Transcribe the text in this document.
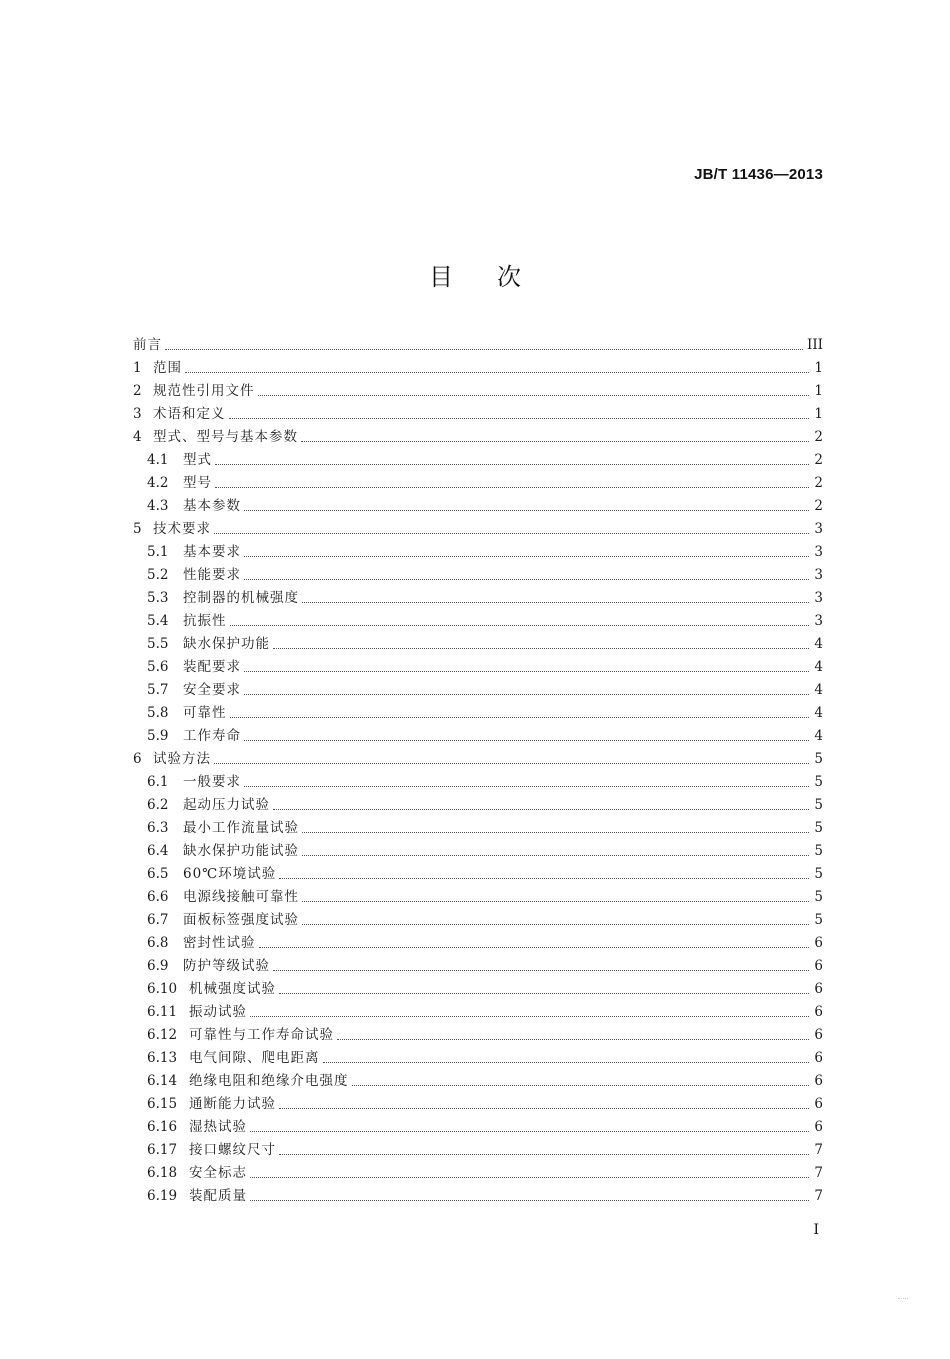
JB/T 11436—2013
目次
前言	III
1 范围	1
2 规范性引用文件	1
3 术语和定义	1
4 型式、型号与基本参数	2
4.1	型式	2
4.2	型号	2
4.3	基本参数	2
5 技术要求	3
5.1	基本要求	3
5.2	性能要求	3
5.3	控制器的机械强度	3
5.4	抗振性	3
5.5	缺水保护功能	4
5.6	装配要求	4
5.7	安全要求	4
5.8	可靠性	4
5.9	工作寿命	4
6 试验方法	5
6.1	一般要求	5
6.2	起动压力试验	5
6.3	最小工作流量试验	5
6.4	缺水保护功能试验	5
6.5	60℃环境试验	5
6.6	电源线接触可靠性	5
6.7	面板标签强度试验	5
6.8	密封性试验	6
6.9	防护等级试验	6
6.10 机械强度试验	6
6.11 振动试验	6
6.12 可靠性与工作寿命试验	6
6.13 电气间隙、爬电距离	6
6.14 绝缘电阻和绝缘介电强度	6
6.15 通断能力试验	6
6.16 湿热试验	6
6.17 接口螺纹尺寸	7
6.18 安全标志	7
6.19 装配质量	7
I
